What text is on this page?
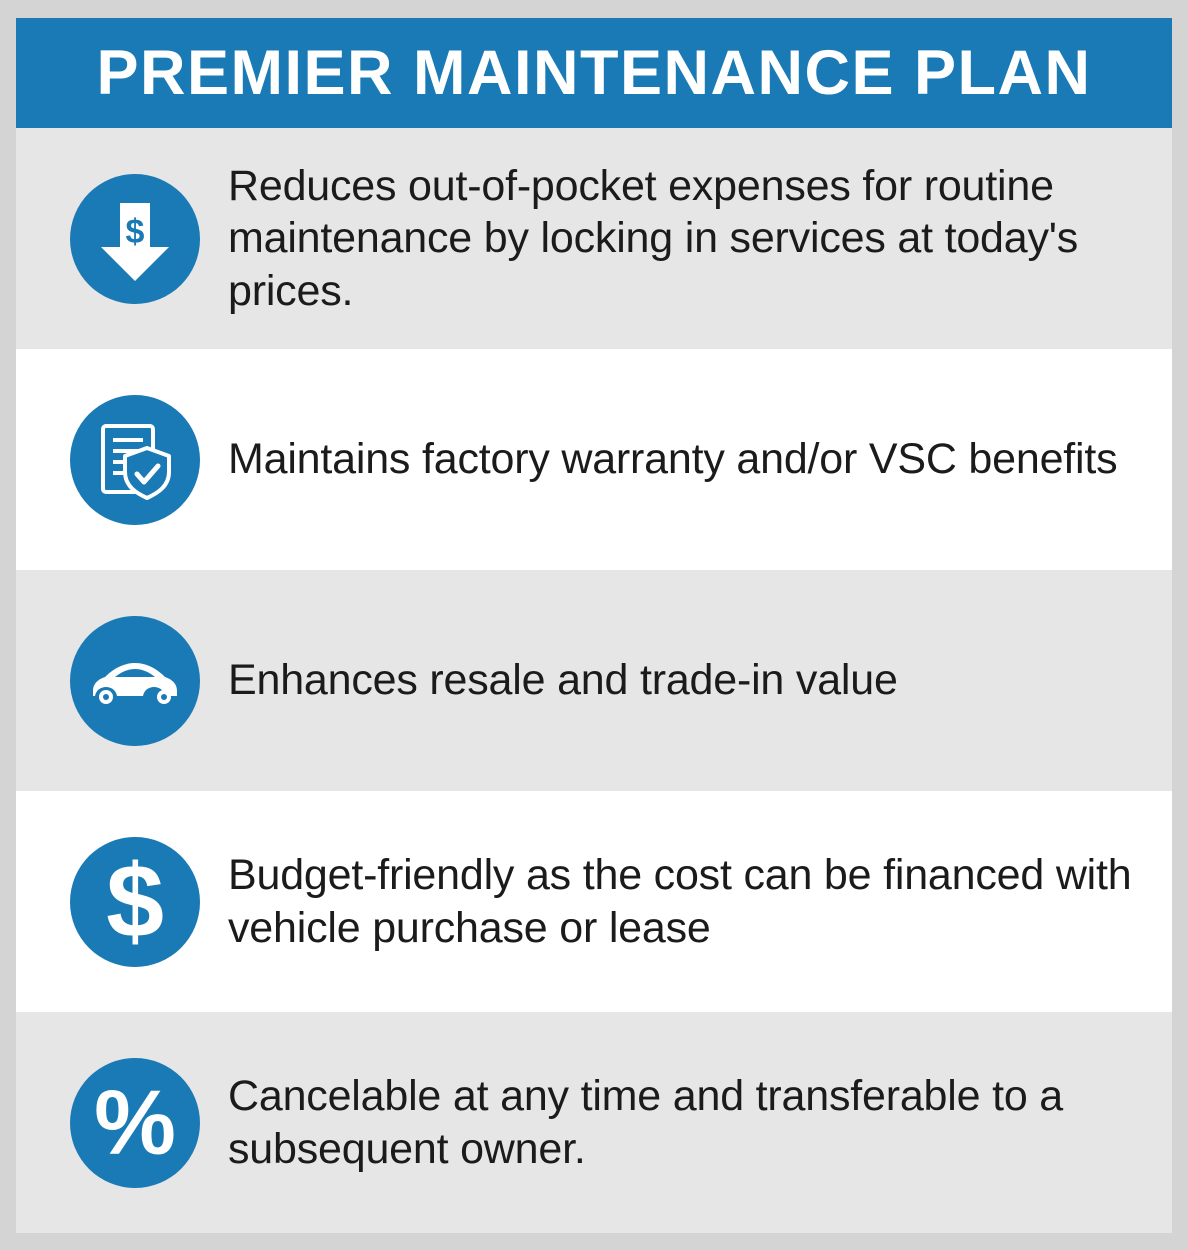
PREMIER MAINTENANCE PLAN
$
Reduces out-of-pocket expenses for routine maintenance by locking in services at today's prices.
Maintains factory warranty and/or VSC benefits
Enhances resale and trade-in value
$	Budget-friendly as the cost can be financed with vehicle purchase or lease
%	Cancelable at any time and transferable to a subsequent owner.
